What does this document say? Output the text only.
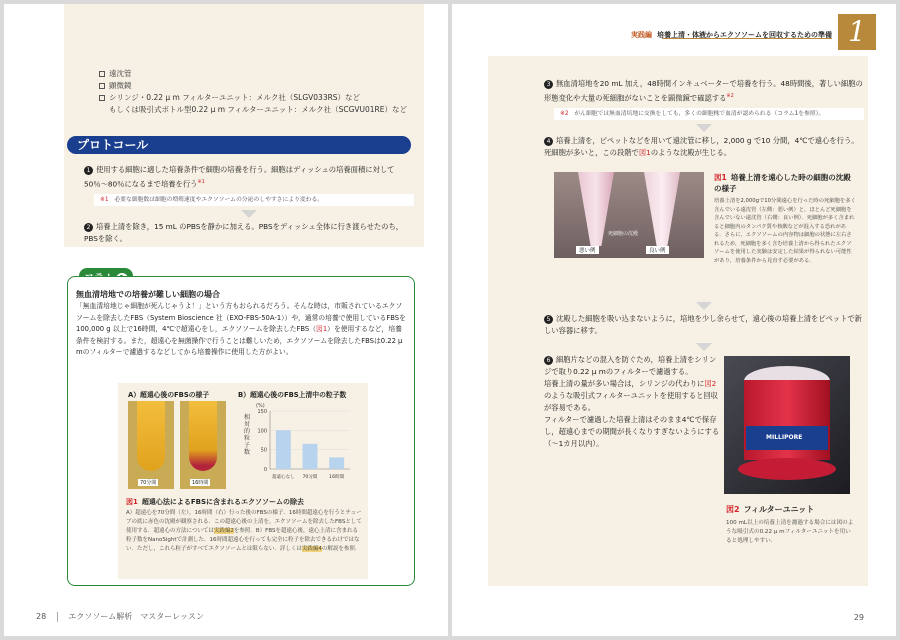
遠沈管
顕微鏡
シリンジ・0.22 μ m フィルターユニット：メルク社（SLGV033RS）など
もしくは吸引式ボトル型0.22 μ m フィルターユニット：メルク社（SCGVU01RE）など
プロトコール
1 使用する細胞に適した培養条件で細胞の培養を行う。細胞はディッシュの培養面積に対して50％〜80％になるまで培養を行う$^{※1}$
※1　 必要な細胞数は細胞の増殖速度やエクソソームの分泌のしやすさにより変わる。
2 培養上清を除き，15 mL のPBSを静かに加える。PBSをディッシュ全体に行き渡らせたのち，PBSを除く。
無血清培地での培養が難しい細胞の場合
「無血清培地じゃ細胞が死んじゃうよ！」という方もおられるだろう。そんな時は，市販されているエクソソームを除去したFBS（System Bioscience 社（EXO-FBS-50A-1））や，通常の培養で使用しているFBSを100,000 g 以上で16時間，4℃で超遠心をし，エクソソームを除去したFBS（図1）を使用するなど，培養条件を検討する。また，超遠心を無菌操作で行うことは難しいため，エクソソームを除去したFBSは0.22 μ mのフィルターで濾過するなどしてから培養操作に使用した方がよい。
A）超遠心後のFBSの様子	B）超遠心後のFBS上清中の粒子数
70分間	16時間
(%)
0
50
100
150
相
対
的
粒
子
数
超遠心なし 70分間	16時間
図1 超遠心法によるFBSに含まれるエクソソームの除去
A）超遠心を70分間（左），16時間（右）行った後のFBSの様子．16時間超遠心を行うとチューブの底に赤色の沈殿が観察される．この超遠心後の上清を，エクソソームを除去したFBSとして使用する．超遠心の方法については実践編2を参照．B）FBSを超遠心後，遠心上清に含まれる粒子数をNanoSightで計測した．16時間超遠心を行っても完全に粒子を除去できるわけではない．ただし，これら粒子がすべてエクソソームとは限らない．詳しくは実践編4の解説を参照．
28	エクソソーム解析　マスターレッスン
実践編 培養上清・体液からエクソソームを回収するための準備 1
3 無血清培地を20 mL 加え，48時間インキュベーターで培養を行う。48時間後，著しい細胞の形態変化や大量の死細胞がないことを顕微鏡で確認する$^{※2}$
※2　 がん細胞では無血清培地に交換をしても，多くの細胞株で血清が認められる（コラム1を参照）。
4 培養上清を，ピペットなどを用いて遠沈管に移し，2,000 g で10 分間，4℃で遠心を行う。死細胞が多いと，この段階で図1のような沈殿が生じる。
死細胞の沈殿
悪い例	良い例
図1 培養上清を遠心した時の細胞の沈殿の様子
培養上清を2,000gで10分間遠心を行った時の死細胞を多く含んでいる遠沈管（左側：悪い例）と，ほとんど死細胞を含んでいない遠沈管（右側：良い例）．死細胞が多く含まれると細胞内のタンパク質や核酸などが混入する恐れがある．さらに，エクソソームの内容物は細胞の状態に左右されるため，死細胞を多く含む培養上清から得られたエクソソームを使用した実験は安定した結果が得られない可能性があり，培養条件から見直す必要がある．
5 沈殿した細胞を吸い込まないように，培地を少し余らせて，遠心後の培養上清をピペットで新しい容器に移す。
6 細胞片などの混入を防ぐため，培養上清をシリンジで取り0.22 μ mのフィルターで濾過する。
培養上清の量が多い場合は，シリンジの代わりに図2のような吸引式フィルターユニットを使用すると回収が容易である。
フィルターで濾過した培養上清はそのまま4℃で保存し，超遠心までの期間が長くなりすぎないようにする（〜1カ月以内）。
MILLIPORE
図2 フィルターユニット
100 mL以上の培養上清を濾過する場合には図のような吸引式の0.22 μ mフィルターユニットを用いると処理しやすい．
29
